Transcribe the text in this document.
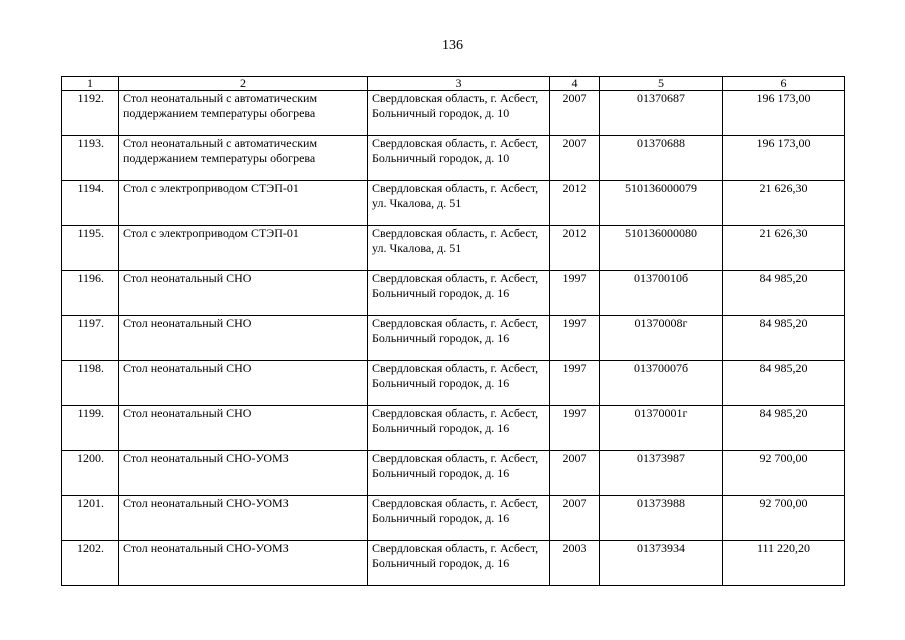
136
1	2	3	4	5	6
1192.	Стол неонатальный с автоматическим поддержанием температуры обогрева	Свердловская область, г. Асбест, Больничный городок, д. 10	2007	01370687	196 173,00
1193.	Стол неонатальный с автоматическим поддержанием температуры обогрева	Свердловская область, г. Асбест, Больничный городок, д. 10	2007	01370688	196 173,00
1194.	Стол с электроприводом СТЭП-01	Свердловская область, г. Асбест, ул. Чкалова, д. 51	2012	510136000079	21 626,30
1195.	Стол с электроприводом СТЭП-01	Свердловская область, г. Асбест, ул. Чкалова, д. 51	2012	510136000080	21 626,30
1196.	Стол неонатальный СНО	Свердловская область, г. Асбест, Больничный городок, д. 16	1997	01370010б	84 985,20
1197.	Стол неонатальный СНО	Свердловская область, г. Асбест, Больничный городок, д. 16	1997	01370008г	84 985,20
1198.	Стол неонатальный СНО	Свердловская область, г. Асбест, Больничный городок, д. 16	1997	01370007б	84 985,20
1199.	Стол неонатальный СНО	Свердловская область, г. Асбест, Больничный городок, д. 16	1997	01370001г	84 985,20
1200.	Стол неонатальный СНО-УОМЗ	Свердловская область, г. Асбест, Больничный городок, д. 16	2007	01373987	92 700,00
1201.	Стол неонатальный СНО-УОМЗ	Свердловская область, г. Асбест, Больничный городок, д. 16	2007	01373988	92 700,00
1202.	Стол неонатальный СНО-УОМЗ	Свердловская область, г. Асбест, Больничный городок, д. 16	2003	01373934	111 220,20
